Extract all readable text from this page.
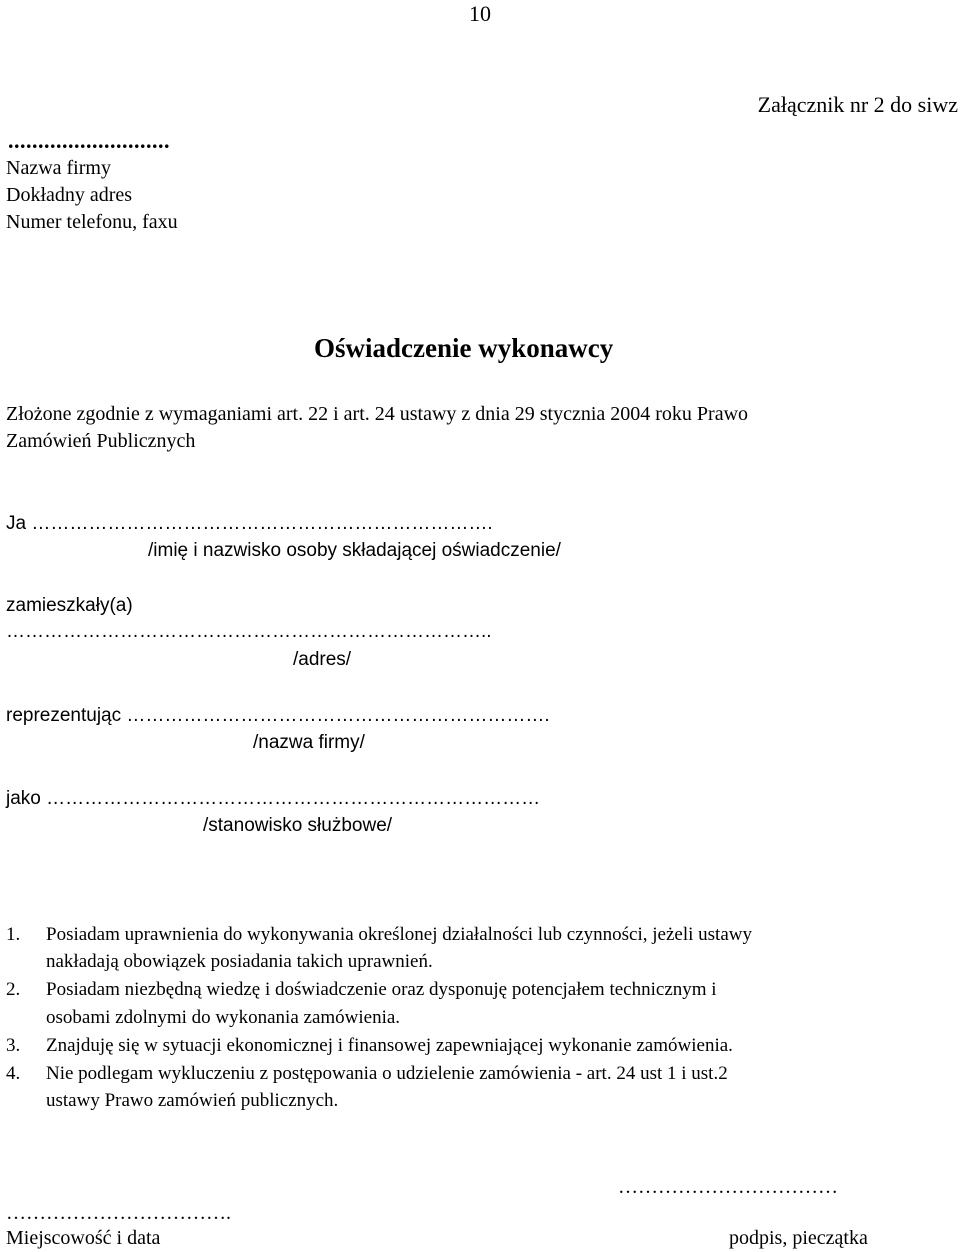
10
Załącznik nr 2 do siwz
...........................
Nazwa firmy
Dokładny adres
Numer telefonu, faxu
Oświadczenie wykonawcy
Złożone zgodnie z wymaganiami art. 22 i art. 24 ustawy z dnia 29 stycznia 2004 roku Prawo
Zamówień Publicznych
Ja ……………………………………………………………….
/imię i nazwisko osoby składającej oświadczenie/
zamieszkały(a)
…………………………………………………………………..
/adres/
reprezentując ………………………………………………………….
/nazwa firmy/
jako ……………………………………………………………………
/stanowisko służbowe/
1. Posiadam uprawnienia do wykonywania określonej działalności lub czynności, jeżeli ustawy
nakładają obowiązek posiadania takich uprawnień.
2. Posiadam niezbędną wiedzę i doświadczenie oraz dysponuję potencjałem technicznym i
osobami zdolnymi do wykonania zamówienia.
3. Znajduję się w sytuacji ekonomicznej i finansowej zapewniającej wykonanie zamówienia.
4. Nie podlegam wykluczeniu z postępowania o udzielenie zamówienia - art. 24 ust 1 i ust.2
ustawy Prawo zamówień publicznych.
……………………………
…………………………….
Miejscowość i data	podpis, pieczątka
